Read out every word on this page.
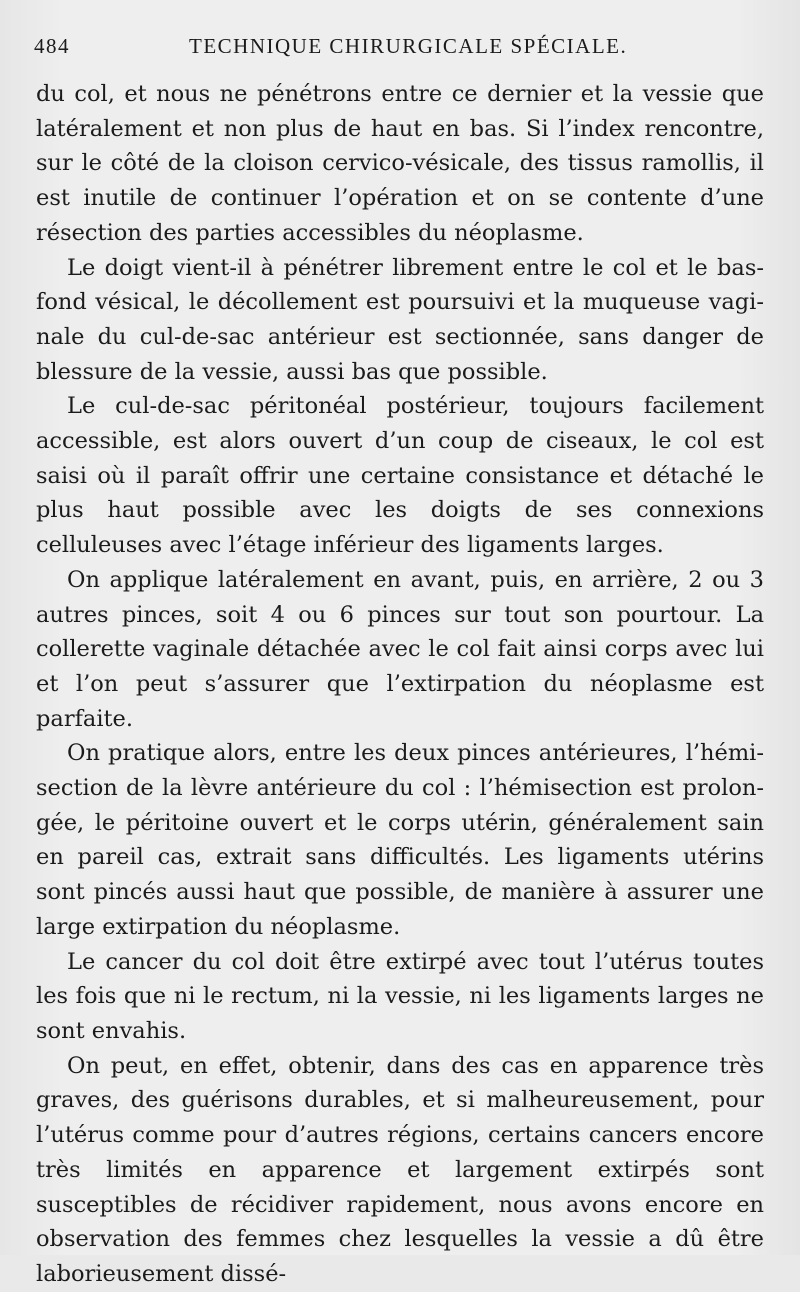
484	TECHNIQUE CHIRURGICALE SPÉCIALE.

du col, et nous ne pénétrons entre ce dernier et la vessie que latéralement et non plus de haut en bas. Si l’index rencontre, sur le côté de la cloison cervico-vésicale, des tissus ramollis, il est inutile de continuer l’opération et on se contente d’une résection des parties accessibles du néoplasme.

Le doigt vient-il à pénétrer librement entre le col et le bas-fond vésical, le décollement est poursuivi et la muqueuse vaginale du cul-de-sac antérieur est sectionnée, sans danger de blessure de la vessie, aussi bas que possible.

Le cul-de-sac péritonéal postérieur, toujours facilement accessible, est alors ouvert d’un coup de ciseaux, le col est saisi où il paraît offrir une certaine consistance et détaché le plus haut possible avec les doigts de ses connexions celluleuses avec l’étage inférieur des ligaments larges.

On applique latéralement en avant, puis, en arrière, 2 ou 3 autres pinces, soit 4 ou 6 pinces sur tout son pourtour. La collerette vaginale détachée avec le col fait ainsi corps avec lui et l’on peut s’assurer que l’extirpation du néoplasme est parfaite.

On pratique alors, entre les deux pinces antérieures, l’hémisection de la lèvre antérieure du col : l’hémisection est prolongée, le péritoine ouvert et le corps utérin, généralement sain en pareil cas, extrait sans difficultés. Les ligaments utérins sont pincés aussi haut que possible, de manière à assurer une large extirpation du néoplasme.

Le cancer du col doit être extirpé avec tout l’utérus toutes les fois que ni le rectum, ni la vessie, ni les ligaments larges ne sont envahis.

On peut, en effet, obtenir, dans des cas en apparence très graves, des guérisons durables, et si malheureusement, pour l’utérus comme pour d’autres régions, certains cancers encore très limités en apparence et largement extirpés sont susceptibles de récidiver rapidement, nous avons encore en observation des femmes chez lesquelles la vessie a dû être laborieusement dissé-
